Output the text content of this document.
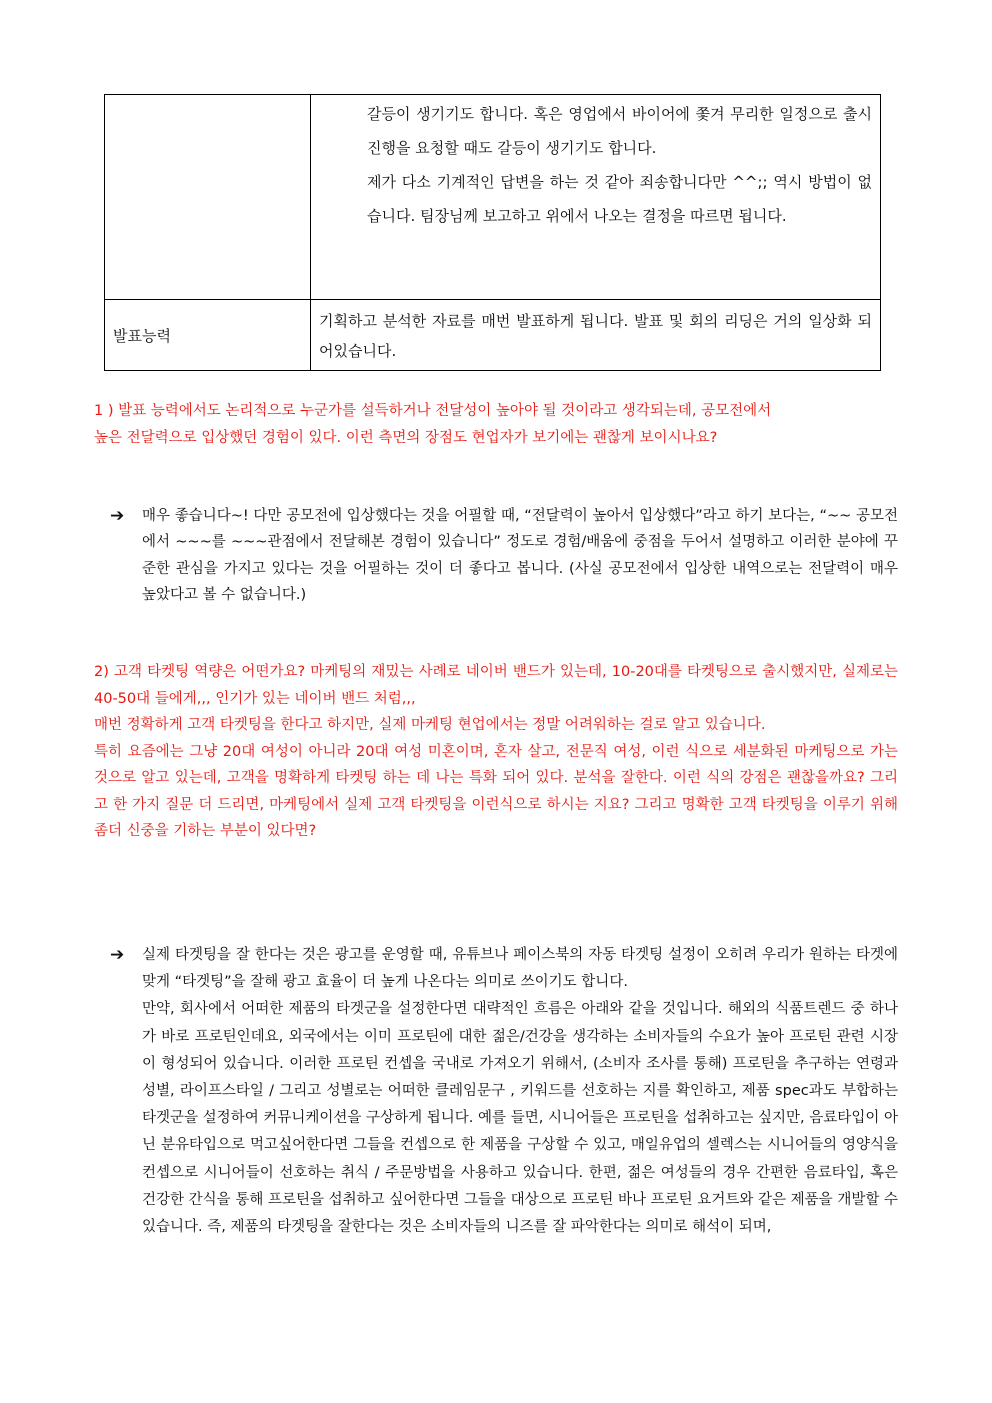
	갈등이 생기기도 합니다. 혹은 영업에서 바이어에 쫓겨 무리한 일정으로 출시 진행을 요청할 때도 갈등이 생기기도 합니다.

제가 다소 기계적인 답변을 하는 것 같아 죄송합니다만 ^^;; 역시 방법이 없습니다. 팀장님께 보고하고 위에서 나오는 결정을 따르면 됩니다.

발표능력	기획하고 분석한 자료를 매번 발표하게 됩니다. 발표 및 회의 리딩은 거의 일상화 되어있습니다.

1 ) 발표 능력에서도 논리적으로 누군가를 설득하거나 전달성이 높아야 될 것이라고 생각되는데, 공모전에서

높은 전달력으로 입상했던 경험이 있다. 이런 측면의 장점도 현업자가 보기에는 괜찮게 보이시나요?

➔ 매우 좋습니다~! 다만 공모전에 입상했다는 것을 어필할 때, “전달력이 높아서 입상했다”라고 하기 보다는, “~~ 공모전에서 ~~~를 ~~~관점에서 전달해본 경험이 있습니다” 정도로 경험/배움에 중점을 두어서 설명하고 이러한 분야에 꾸준한 관심을 가지고 있다는 것을 어필하는 것이 더 좋다고 봅니다. (사실 공모전에서 입상한 내역으로는 전달력이 매우 높았다고 볼 수 없습니다.)

2) 고객 타켓팅 역량은 어떤가요? 마케팅의 재밌는 사례로 네이버 밴드가 있는데, 10-20대를 타켓팅으로 출시했지만, 실제로는 40-50대 들에게,,, 인기가 있는 네이버 밴드 처럼,,,

매번 정확하게 고객 타켓팅을 한다고 하지만, 실제 마케팅 현업에서는 정말 어려워하는 걸로 알고 있습니다.

특히 요즘에는 그냥 20대 여성이 아니라 20대 여성 미혼이며, 혼자 살고, 전문직 여성, 이런 식으로 세분화된 마케팅으로 가는 것으로 알고 있는데, 고객을 명확하게 타켓팅 하는 데 나는 특화 되어 있다. 분석을 잘한다. 이런 식의 강점은 괜찮을까요? 그리고 한 가지 질문 더 드리면, 마케팅에서 실제 고객 타켓팅을 이런식으로 하시는 지요? 그리고 명확한 고객 타켓팅을 이루기 위해 좀더 신중을 기하는 부분이 있다면?

➔ 실제 타겟팅을 잘 한다는 것은 광고를 운영할 때, 유튜브나 페이스북의 자동 타겟팅 설정이 오히려 우리가 원하는 타겟에 맞게 “타겟팅”을 잘해 광고 효율이 더 높게 나온다는 의미로 쓰이기도 합니다.

만약, 회사에서 어떠한 제품의 타겟군을 설정한다면 대략적인 흐름은 아래와 같을 것입니다. 해외의 식품트렌드 중 하나가 바로 프로틴인데요, 외국에서는 이미 프로틴에 대한 젊은/건강을 생각하는 소비자들의 수요가 높아 프로틴 관련 시장이 형성되어 있습니다. 이러한 프로틴 컨셉을 국내로 가져오기 위해서, (소비자 조사를 통해) 프로틴을 추구하는 연령과 성별, 라이프스타일 / 그리고 성별로는 어떠한 클레임문구 , 키워드를 선호하는 지를 확인하고, 제품 spec과도 부합하는 타겟군을 설정하여 커뮤니케이션을 구상하게 됩니다. 예를 들면, 시니어들은 프로틴을 섭취하고는 싶지만, 음료타입이 아닌 분유타입으로 먹고싶어한다면 그들을 컨셉으로 한 제품을 구상할 수 있고, 매일유업의 셀렉스는 시니어들의 영양식을 컨셉으로 시니어들이 선호하는 취식 / 주문방법을 사용하고 있습니다. 한편, 젊은 여성들의 경우 간편한 음료타입, 혹은 건강한 간식을 통해 프로틴을 섭취하고 싶어한다면 그들을 대상으로 프로틴 바나 프로틴 요거트와 같은 제품을 개발할 수 있습니다. 즉, 제품의 타겟팅을 잘한다는 것은 소비자들의 니즈를 잘 파악한다는 의미로 해석이 되며,
